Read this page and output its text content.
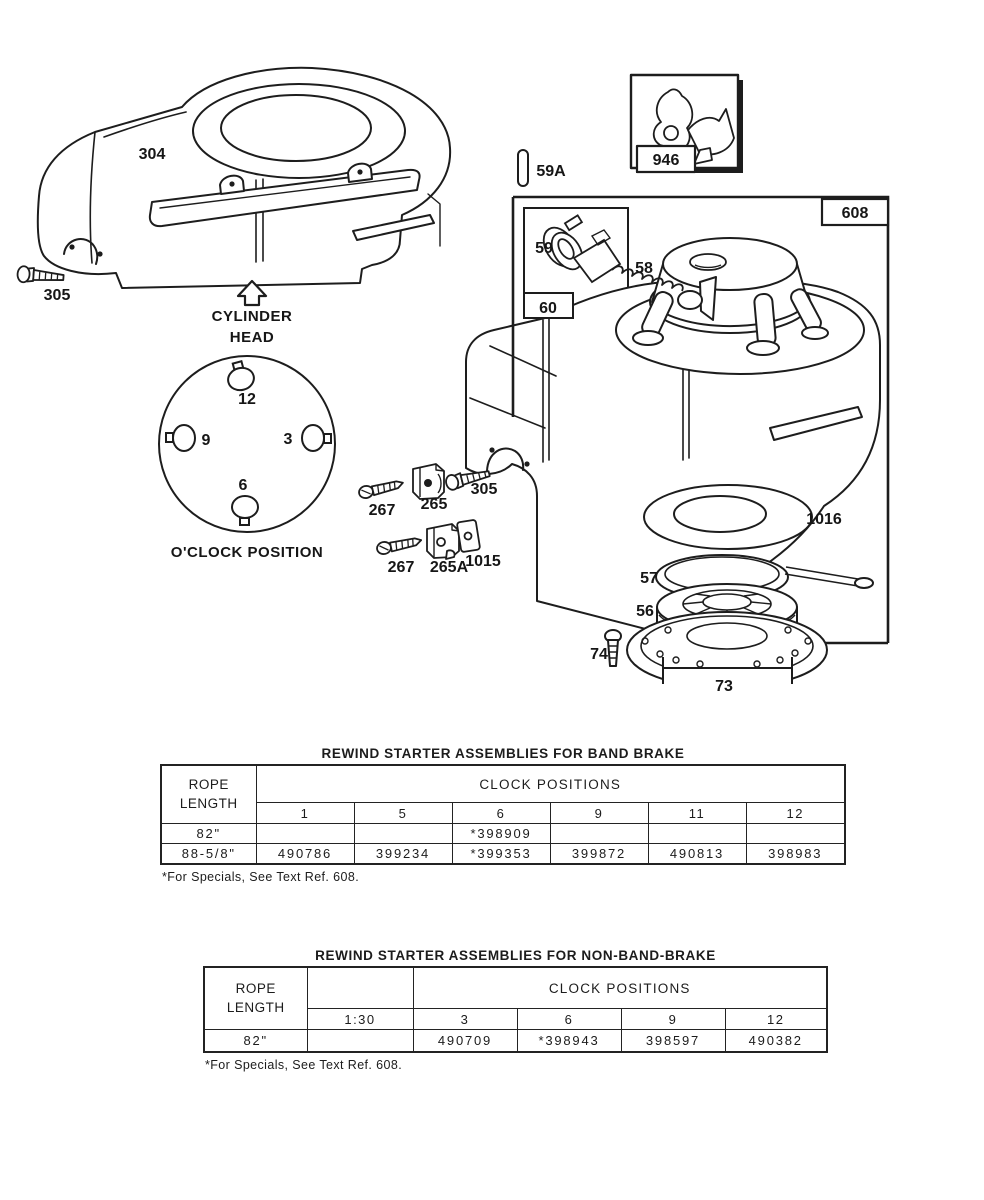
304
305
CYLINDER
HEAD
12
9	3
6
O'CLOCK POSITION
59A
946
608
59
60
58
305
267 265
267 265A
1015
1016
57
56
74
73
REWIND STARTER ASSEMBLIES FOR BAND BRAKE
ROPE
LENGTH	CLOCK POSITIONS					
	1	5	6	9	11	12
82"			*398909			
88-5/8"	490786	399234	*399353	399872	490813	398983
*For Specials, See Text Ref. 608.
REWIND STARTER ASSEMBLIES FOR NON-BAND-BRAKE
ROPE
LENGTH		CLOCK POSITIONS			
	1:30	3	6	9	12
82"		490709	*398943	398597	490382
*For Specials, See Text Ref. 608.
